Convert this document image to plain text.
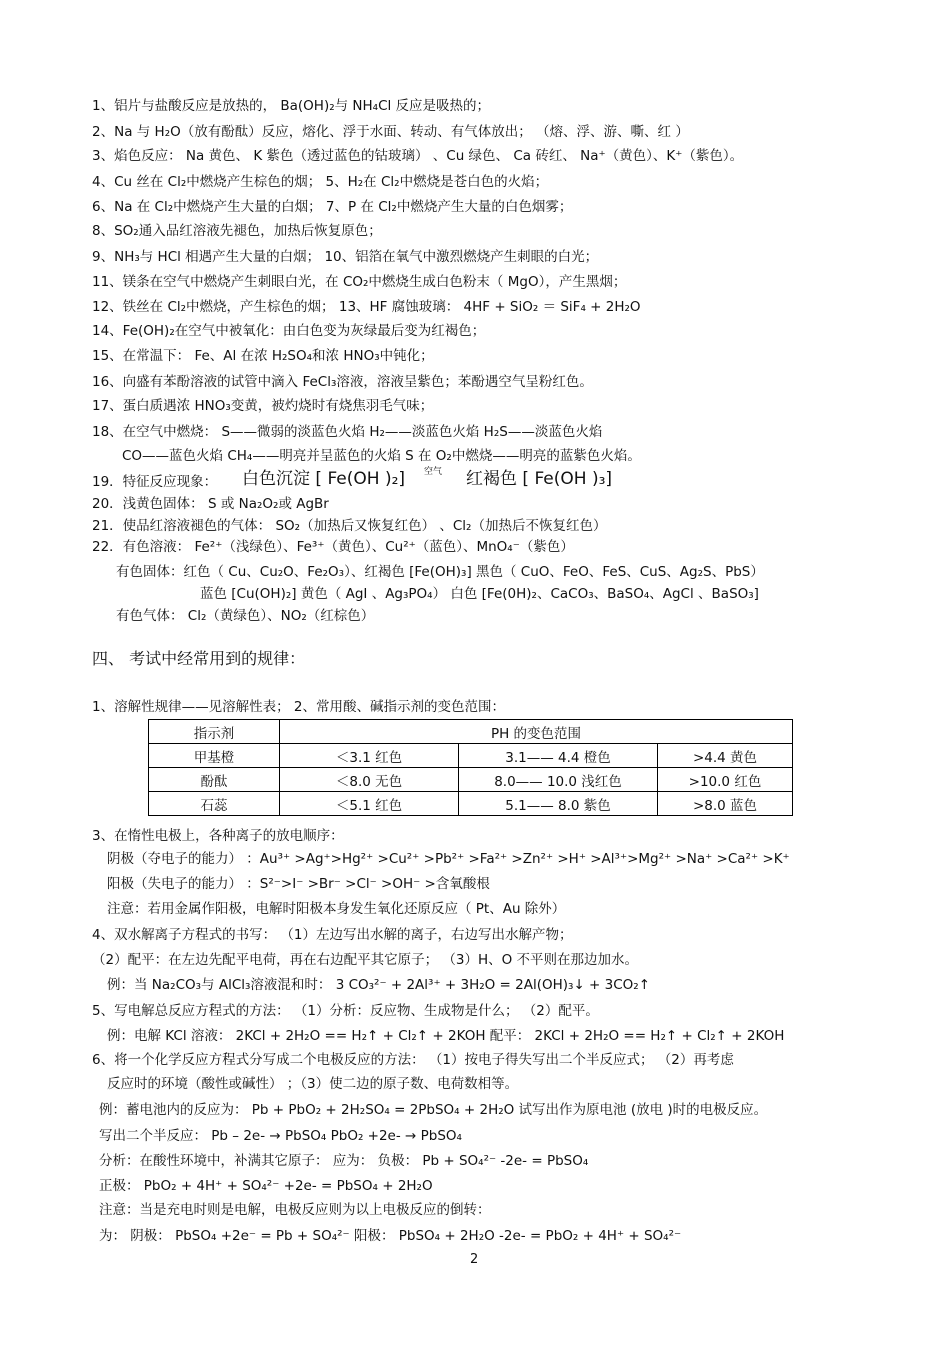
1、铝片与盐酸反应是放热的， Ba(OH)₂与 NH₄Cl 反应是吸热的；
2、Na 与 H₂O（放有酚酞）反应，熔化、浮于水面、转动、有气体放出； （熔、浮、游、嘶、红 ）
3、焰色反应： Na 黄色、 K 紫色（透过蓝色的钴玻璃） 、Cu 绿色、 Ca 砖红、 Na⁺（黄色）、K⁺（紫色）。
4、Cu 丝在 Cl₂中燃烧产生棕色的烟； 5、H₂在 Cl₂中燃烧是苍白色的火焰；
6、Na 在 Cl₂中燃烧产生大量的白烟； 7、P 在 Cl₂中燃烧产生大量的白色烟雾；
8、SO₂通入品红溶液先褪色，加热后恢复原色；
9、NH₃与 HCl 相遇产生大量的白烟； 10、铝箔在氧气中激烈燃烧产生刺眼的白光；
11、镁条在空气中燃烧产生刺眼白光，在 CO₂中燃烧生成白色粉末（ MgO），产生黑烟；
12、铁丝在 Cl₂中燃烧，产生棕色的烟； 13、HF 腐蚀玻璃： 4HF + SiO₂ ＝ SiF₄ + 2H₂O
14、Fe(OH)₂在空气中被氧化：由白色变为灰绿最后变为红褐色；
15、在常温下： Fe、Al 在浓 H₂SO₄和浓 HNO₃中钝化；
16、向盛有苯酚溶液的试管中滴入 FeCl₃溶液，溶液呈紫色；苯酚遇空气呈粉红色。
17、蛋白质遇浓 HNO₃变黄，被灼烧时有烧焦羽毛气味；
18、在空气中燃烧： S——微弱的淡蓝色火焰 H₂——淡蓝色火焰 H₂S——淡蓝色火焰
CO——蓝色火焰 CH₄——明亮并呈蓝色的火焰 S 在 O₂中燃烧——明亮的蓝紫色火焰。
19．特征反应现象： 白色沉淀 [ Fe(OH )₂] 空气 红褐色 [ Fe(OH )₃]
20．浅黄色固体： S 或 Na₂O₂或 AgBr
21．使品红溶液褪色的气体： SO₂（加热后又恢复红色） 、Cl₂（加热后不恢复红色）
22．有色溶液： Fe²⁺（浅绿色）、Fe³⁺（黄色）、Cu²⁺（蓝色）、MnO₄⁻（紫色）
有色固体：红色（ Cu、Cu₂O、Fe₂O₃）、红褐色 [Fe(OH)₃] 黑色（ CuO、FeO、FeS、CuS、Ag₂S、PbS）
蓝色 [Cu(OH)₂] 黄色（ AgI 、Ag₃PO₄） 白色 [Fe(0H)₂、CaCO₃、BaSO₄、AgCl 、BaSO₃]
有色气体： Cl₂（黄绿色）、NO₂（红棕色）
四、 考试中经常用到的规律：
1、溶解性规律——见溶解性表； 2、常用酸、碱指示剂的变色范围：
指示剂	PH 的变色范围		
甲基橙	＜3.1 红色	3.1—— 4.4 橙色	>4.4 黄色
酚酞	＜8.0 无色	8.0—— 10.0 浅红色	>10.0 红色
石蕊	＜5.1 红色	5.1—— 8.0 紫色	>8.0 蓝色
3、在惰性电极上，各种离子的放电顺序：
阴极（夺电子的能力） ：Au³⁺ >Ag⁺>Hg²⁺ >Cu²⁺ >Pb²⁺ >Fa²⁺ >Zn²⁺ >H⁺ >Al³⁺>Mg²⁺ >Na⁺ >Ca²⁺ >K⁺
阳极（失电子的能力） ：S²⁻>I⁻ >Br⁻ >Cl⁻ >OH⁻ >含氧酸根
注意：若用金属作阳极，电解时阳极本身发生氧化还原反应（ Pt、Au 除外）
4、双水解离子方程式的书写： （1）左边写出水解的离子，右边写出水解产物；
（2）配平：在左边先配平电荷，再在右边配平其它原子； （3）H、O 不平则在那边加水。
例：当 Na₂CO₃与 AlCl₃溶液混和时： 3 CO₃²⁻ + 2Al³⁺ + 3H₂O = 2Al(OH)₃↓ + 3CO₂↑
5、写电解总反应方程式的方法： （1）分析：反应物、生成物是什么； （2）配平。
例：电解 KCl 溶液： 2KCl + 2H₂O == H₂↑ + Cl₂↑ + 2KOH 配平： 2KCl + 2H₂O == H₂↑ + Cl₂↑ + 2KOH
6、将一个化学反应方程式分写成二个电极反应的方法： （1）按电子得失写出二个半反应式； （2）再考虑
反应时的环境（酸性或碱性） ；（3）使二边的原子数、电荷数相等。
例：蓄电池内的反应为： Pb + PbO₂ + 2H₂SO₄ = 2PbSO₄ + 2H₂O 试写出作为原电池 (放电 )时的电极反应。
写出二个半反应： Pb – 2e- → PbSO₄ PbO₂ +2e- → PbSO₄
分析：在酸性环境中，补满其它原子： 应为： 负极： Pb + SO₄²⁻ -2e- = PbSO₄
正极： PbO₂ + 4H⁺ + SO₄²⁻ +2e- = PbSO₄ + 2H₂O
注意：当是充电时则是电解，电极反应则为以上电极反应的倒转：
为： 阴极： PbSO₄ +2e⁻ = Pb + SO₄²⁻ 阳极： PbSO₄ + 2H₂O -2e- = PbO₂ + 4H⁺ + SO₄²⁻
2
